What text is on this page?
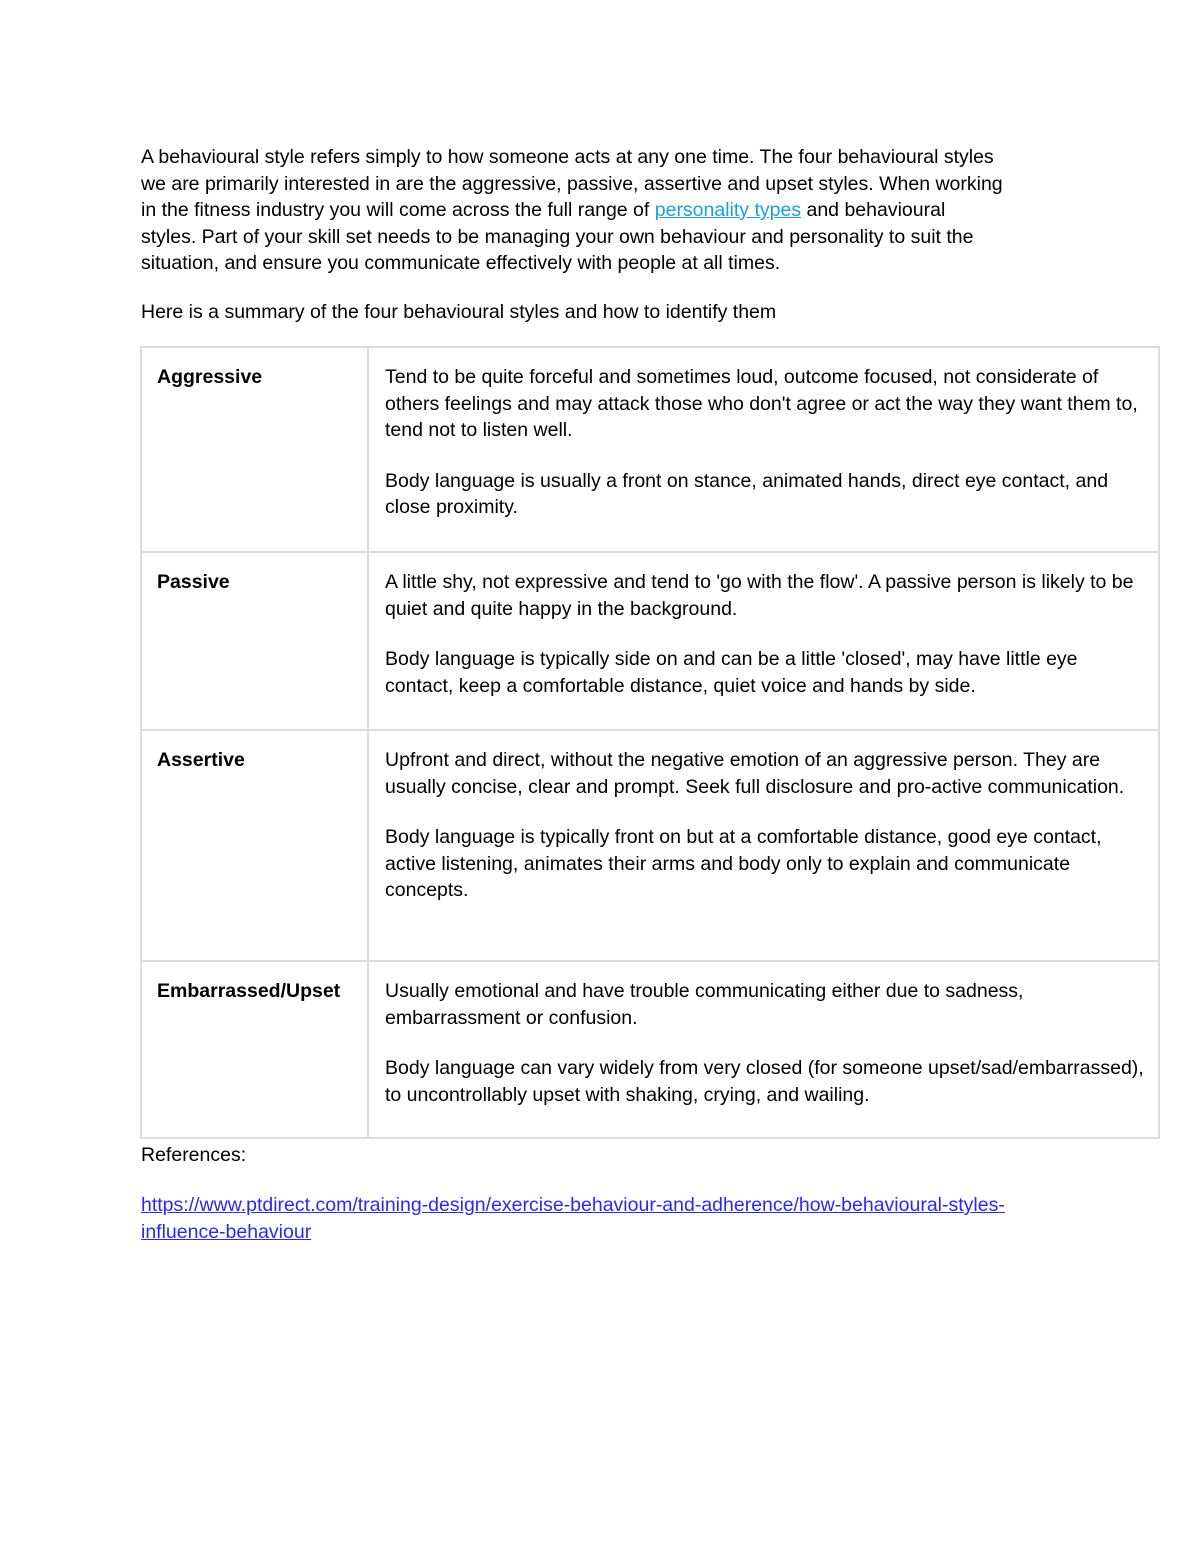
A behavioural style refers simply to how someone acts at any one time. The four behavioural styles
we are primarily interested in are the aggressive, passive, assertive and upset styles. When working
in the fitness industry you will come across the full range of personality types and behavioural
styles. Part of your skill set needs to be managing your own behaviour and personality to suit the
situation, and ensure you communicate effectively with people at all times.

Here is a summary of the four behavioural styles and how to identify them

Aggressive	Tend to be quite forceful and sometimes loud, outcome focused, not considerate of others feelings and may attack those who don't agree or act the way they want them to, tend not to listen well.
Body language is usually a front on stance, animated hands, direct eye contact, and close proximity.

Passive	A little shy, not expressive and tend to 'go with the flow'. A passive person is likely to be quiet and quite happy in the background.
Body language is typically side on and can be a little 'closed', may have little eye contact, keep a comfortable distance, quiet voice and hands by side.

Assertive	Upfront and direct, without the negative emotion of an aggressive person. They are usually concise, clear and prompt. Seek full disclosure and pro-active communication.
Body language is typically front on but at a comfortable distance, good eye contact, active listening, animates their arms and body only to explain and communicate concepts.

Embarrassed/Upset	Usually emotional and have trouble communicating either due to sadness, embarrassment or confusion.
Body language can vary widely from very closed (for someone upset/sad/embarrassed), to uncontrollably upset with shaking, crying, and wailing.

References:

https://www.ptdirect.com/training-design/exercise-behaviour-and-adherence/how-behavioural-styles-
influence-behaviour
